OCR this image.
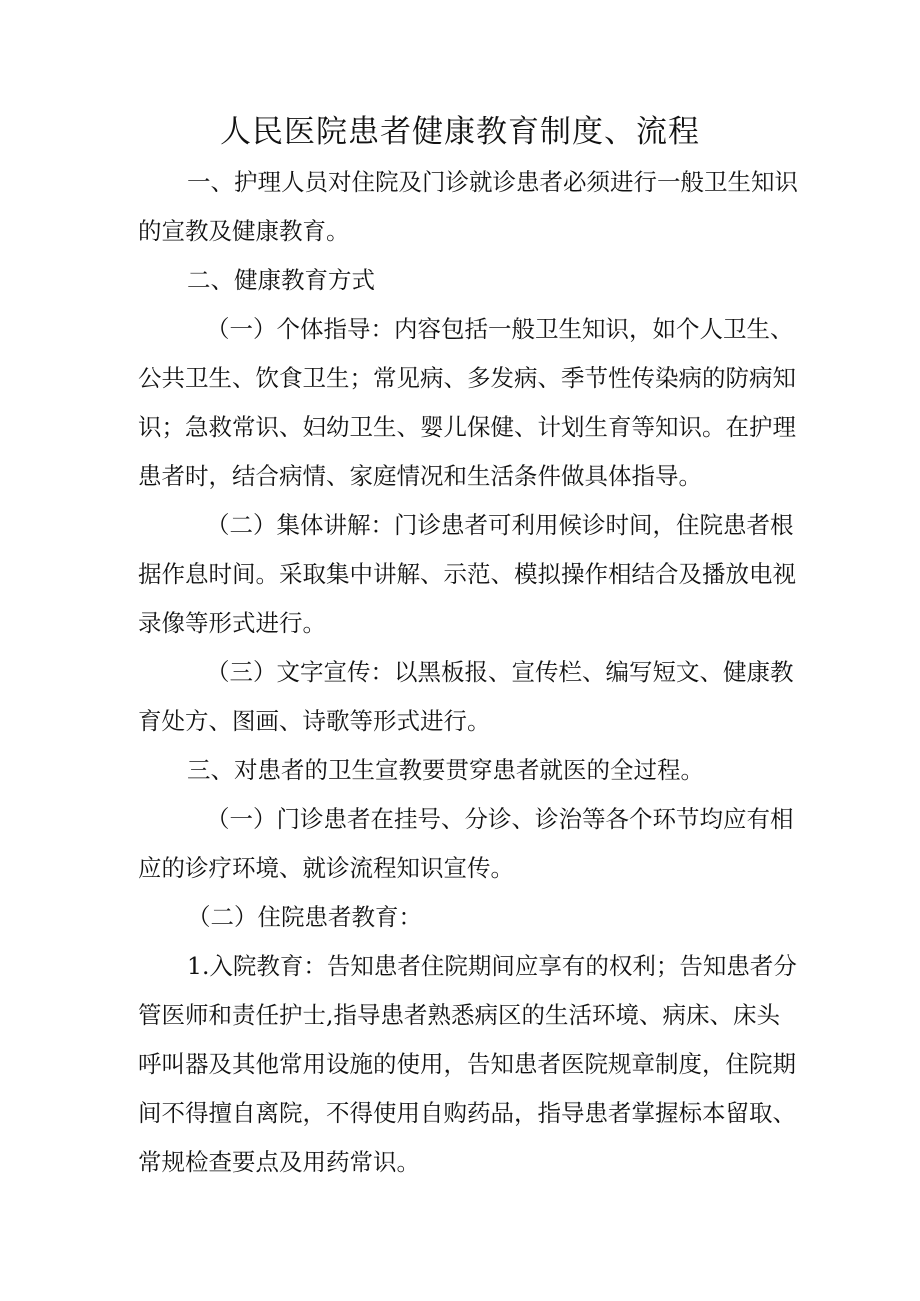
人民医院患者健康教育制度、流程

一、护理人员对住院及门诊就诊患者必须进行一般卫生知识

的宣教及健康教育。

二、健康教育方式

（一）个体指导：内容包括一般卫生知识，如个人卫生、

公共卫生、饮食卫生；常见病、多发病、季节性传染病的防病知

识；急救常识、妇幼卫生、婴儿保健、计划生育等知识。在护理

患者时，结合病情、家庭情况和生活条件做具体指导。

（二）集体讲解：门诊患者可利用候诊时间，住院患者根

据作息时间。采取集中讲解、示范、模拟操作相结合及播放电视

录像等形式进行。

（三）文字宣传：以黑板报、宣传栏、编写短文、健康教

育处方、图画、诗歌等形式进行。

三、对患者的卫生宣教要贯穿患者就医的全过程。

（一）门诊患者在挂号、分诊、诊治等各个环节均应有相

应的诊疗环境、就诊流程知识宣传。

（二）住院患者教育：

1.入院教育：告知患者住院期间应享有的权利；告知患者分

管医师和责任护士,指导患者熟悉病区的生活环境、病床、床头

呼叫器及其他常用设施的使用，告知患者医院规章制度，住院期

间不得擅自离院，不得使用自购药品，指导患者掌握标本留取、

常规检查要点及用药常识。
